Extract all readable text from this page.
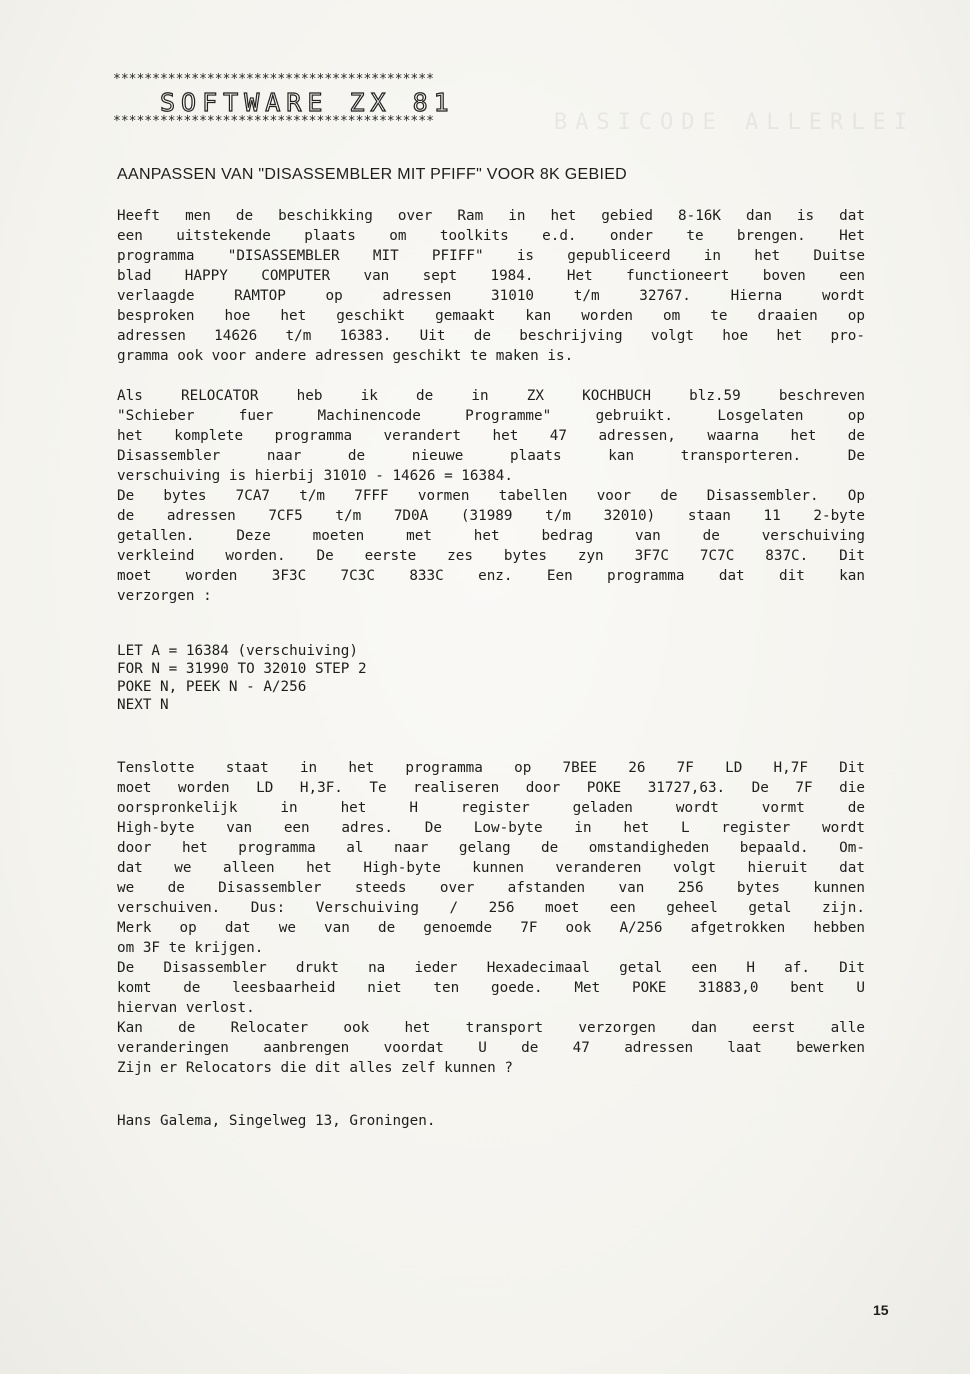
BASICODE ALLERLEI
*****************************************
SOFTWARE ZX 81
*****************************************
AANPASSEN VAN "DISASSEMBLER MIT PFIFF" VOOR 8K GEBIED
Heeft men de beschikking over Ram in het gebied 8-16K dan is dat
een uitstekende plaats om toolkits e.d. onder te brengen. Het
programma "DISASSEMBLER MIT PFIFF" is gepubliceerd in het Duitse
blad HAPPY COMPUTER van sept 1984. Het functioneert boven een
verlaagde RAMTOP op adressen 31010 t/m 32767. Hierna wordt
besproken hoe het geschikt gemaakt kan worden om te draaien op
adressen 14626 t/m 16383. Uit de beschrijving volgt hoe het pro-
gramma ook voor andere adressen geschikt te maken is.
Als RELOCATOR heb ik de in ZX KOCHBUCH blz.59 beschreven
"Schieber fuer Machinencode Programme" gebruikt. Losgelaten op
het komplete programma verandert het 47 adressen, waarna het de
Disassembler naar de nieuwe plaats kan transporteren. De
verschuiving is hierbij 31010 - 14626 = 16384.
De bytes 7CA7 t/m 7FFF vormen tabellen voor de Disassembler. Op
de adressen 7CF5 t/m 7D0A (31989 t/m 32010) staan 11 2-byte
getallen. Deze moeten met het bedrag van de verschuiving
verkleind worden. De eerste zes bytes zyn 3F7C 7C7C 837C. Dit
moet worden 3F3C 7C3C 833C enz. Een programma dat dit kan
verzorgen :
LET A = 16384 (verschuiving)
FOR N = 31990 TO 32010 STEP 2
POKE N, PEEK N - A/256
NEXT N
Tenslotte staat in het programma op 7BEE 26 7F LD H,7F Dit
moet worden LD H,3F. Te realiseren door POKE 31727,63. De 7F die
oorspronkelijk in het H register geladen wordt vormt de
High-byte van een adres. De Low-byte in het L register wordt
door het programma al naar gelang de omstandigheden bepaald. Om-
dat we alleen het High-byte kunnen veranderen volgt hieruit dat
we de Disassembler steeds over afstanden van 256 bytes kunnen
verschuiven. Dus: Verschuiving / 256 moet een geheel getal zijn.
Merk op dat we van de genoemde 7F ook A/256 afgetrokken hebben
om 3F te krijgen.
De Disassembler drukt na ieder Hexadecimaal getal een H af. Dit
komt de leesbaarheid niet ten goede. Met POKE 31883,0 bent U
hiervan verlost.
Kan de Relocater ook het transport verzorgen dan eerst alle
veranderingen aanbrengen voordat U de 47 adressen laat bewerken
Zijn er Relocators die dit alles zelf kunnen ?
Hans Galema, Singelweg 13, Groningen.
15
